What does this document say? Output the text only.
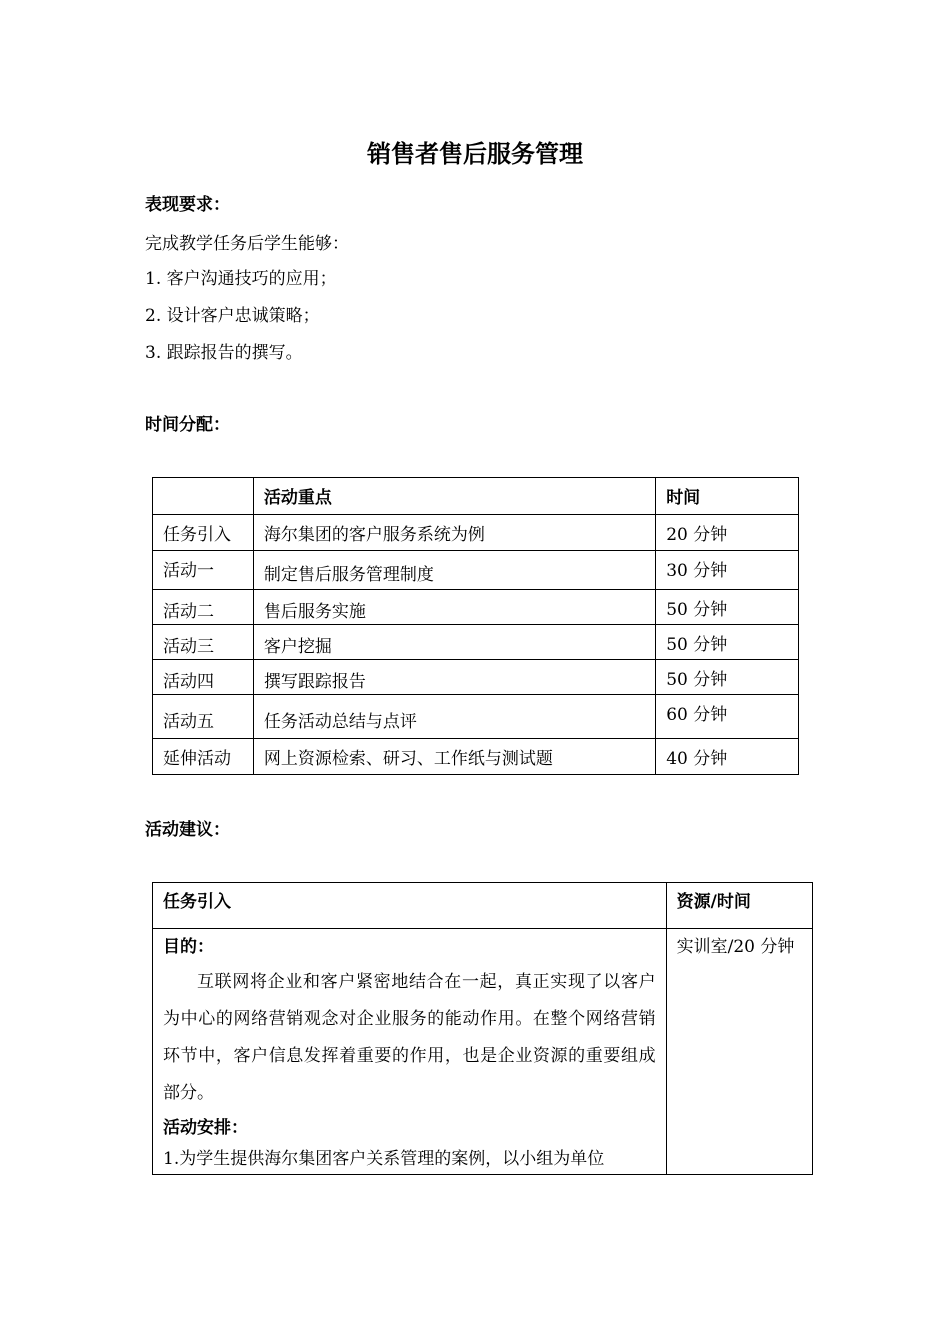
销售者售后服务管理

表现要求：

完成教学任务后学生能够：

1. 客户沟通技巧的应用；

2. 设计客户忠诚策略；

3. 跟踪报告的撰写。

时间分配：

	活动重点	时间
任务引入	海尔集团的客户服务系统为例	20 分钟
活动一	制定售后服务管理制度	30 分钟
活动二	售后服务实施	50 分钟
活动三	客户挖掘	50 分钟
活动四	撰写跟踪报告	50 分钟
活动五	任务活动总结与点评	60 分钟
延伸活动	网上资源检索、研习、工作纸与测试题	40 分钟

活动建议：

任务引入	资源/时间

目的：

互联网将企业和客户紧密地结合在一起，真正实现了以客户为中心的网络营销观念对企业服务的能动作用。在整个网络营销环节中，客户信息发挥着重要的作用，也是企业资源的重要组成部分。

活动安排：

1.为学生提供海尔集团客户关系管理的案例，以小组为单位	实训室/20 分钟
